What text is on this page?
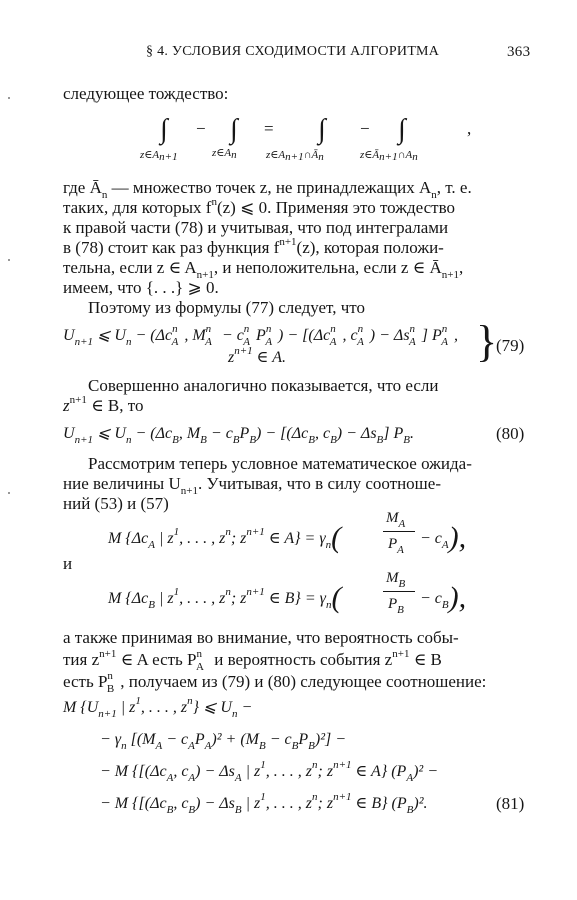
§ 4. УСЛОВИЯ СХОДИМОСТИ АЛГОРИТМА	363
следующее тождество:
∫ − ∫ = ∫ − ∫	,
z∈An+1	z∈An	z∈An+1∩Ān	z∈Ān+1∩An
где $Ā_n$ — множество точек z, не принадлежащих $A_n$, т. е.
таких, для которых $f^n(z)$ ⩽ 0. Применяя это тождество
к правой части (78) и учитывая, что под интегралами
в (78) стоит как раз функция $f^{n+1}(z)$, которая положи-
тельна, если z ∈ $A_{n+1}$, и неположительна, если z ∈ $Ā_{n+1}$,
имеем, что {. . .} ⩾ 0.
Поэтому из формулы (77) следует, что
$U_{n+1}$ ⩽ $U_n - (\Delta c^n_A$ , $M^n_A - c^n_A$ $P^n_A$ ) − [($\Delta c^n_A$ , $c^n_A$ ) − $\Delta s^n_A$ ] $P^n_A$ ,
$z^{n+1}$ ∈ A.	}
(79)
Совершенно аналогично показывается, что если
$z^{n+1}$ ∈ B, то
$U_{n+1}$ ⩽ $U_n - (\Delta c_B$, $M_B - c_BP_B) - [(\Delta c_B$, $c_B) - \Delta s_B$] $P_B$.	(80)
Рассмотрим теперь условное математическое ожида-
ние величины $U_{n+1}$. Учитывая, что в силу соотноше-
ний (53) и (57)
M {$\Delta c_A$ | $z^1$, . . . , $z^n$; $z^{n+1}$ ∈ $A\} = \gamma_n$(
$M_A$
$P_A$
− $c_A$),
и
M {$\Delta c_B$ | $z^1$, . . . , $z^n$; $z^{n+1}$ ∈ $B\} = \gamma_n$(
$M_B$
$P_B$
− $c_B$),
а также принимая во внимание, что вероятность собы-
тия $z^{n+1}$ ∈ A есть $P^n_A$ и вероятность события $z^{n+1}$ ∈ B
есть $P^n_B$ , получаем из (79) и (80) следующее соотношение:
M {$U_{n+1}$ | $z^1$, . . . , $z^n$} ⩽ $U_n$ −
− $\gamma_n$ $[(M_A - c_AP_A)^2 + (M_B - c_BP_B)^2]$ −
− M {[($\Delta c_A$, $c_A) - \Delta s_A$ | $z^1$, . . . , $z^n$; $z^{n+1}$ ∈ A} $(P_A)^2$ −
− M {[($\Delta c_B$, $c_B) - \Delta s_B$ | $z^1$, . . . , $z^n$; $z^{n+1}$ ∈ B} $(P_B)^2$.	(81)
